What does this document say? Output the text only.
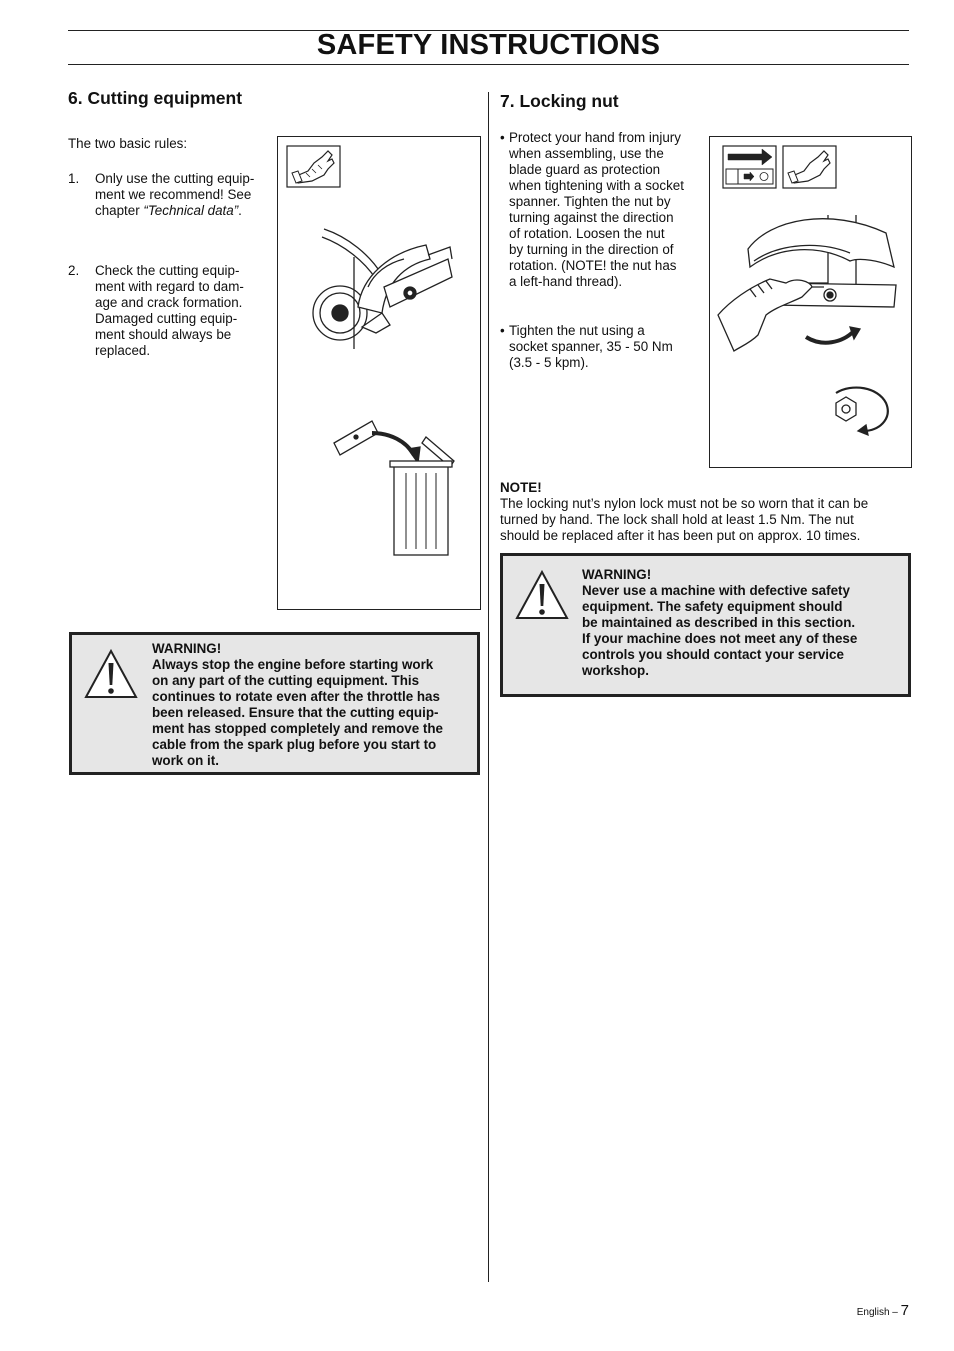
SAFETY INSTRUCTIONS
6. Cutting equipment
The two basic rules:
1. Only use the cutting equip-
ment we recommend! See
chapter “Technical data”.
2. Check the cutting equip-
ment with regard to dam-
age and crack formation.
Damaged cutting equip-
ment should always be
replaced.
WARNING!
Always stop the engine before starting work
on any part of the cutting equipment. This
continues to rotate even after the throttle has
been released. Ensure that the cutting equip-
ment has stopped completely and remove the
cable from the spark plug before you start to
work on it.
7. Locking nut
• Protect your hand from injury
when assembling, use the
blade guard as protection
when tightening with a socket
spanner. Tighten the nut by
turning against the direction
of rotation. Loosen the nut
by turning in the direction of
rotation. (NOTE! the nut has
a left-hand thread).
• Tighten the nut using a
socket spanner, 35 - 50 Nm
(3.5 - 5 kpm).
NOTE!
The locking nut’s nylon lock must not be so worn that it can be
turned by hand. The lock shall hold at least 1.5 Nm. The nut
should be replaced after it has been put on approx. 10 times.
WARNING!
Never use a machine with defective safety
equipment. The safety equipment should
be maintained as described in this section.
If your machine does not meet any of these
controls you should contact your service
workshop.
English – 7
